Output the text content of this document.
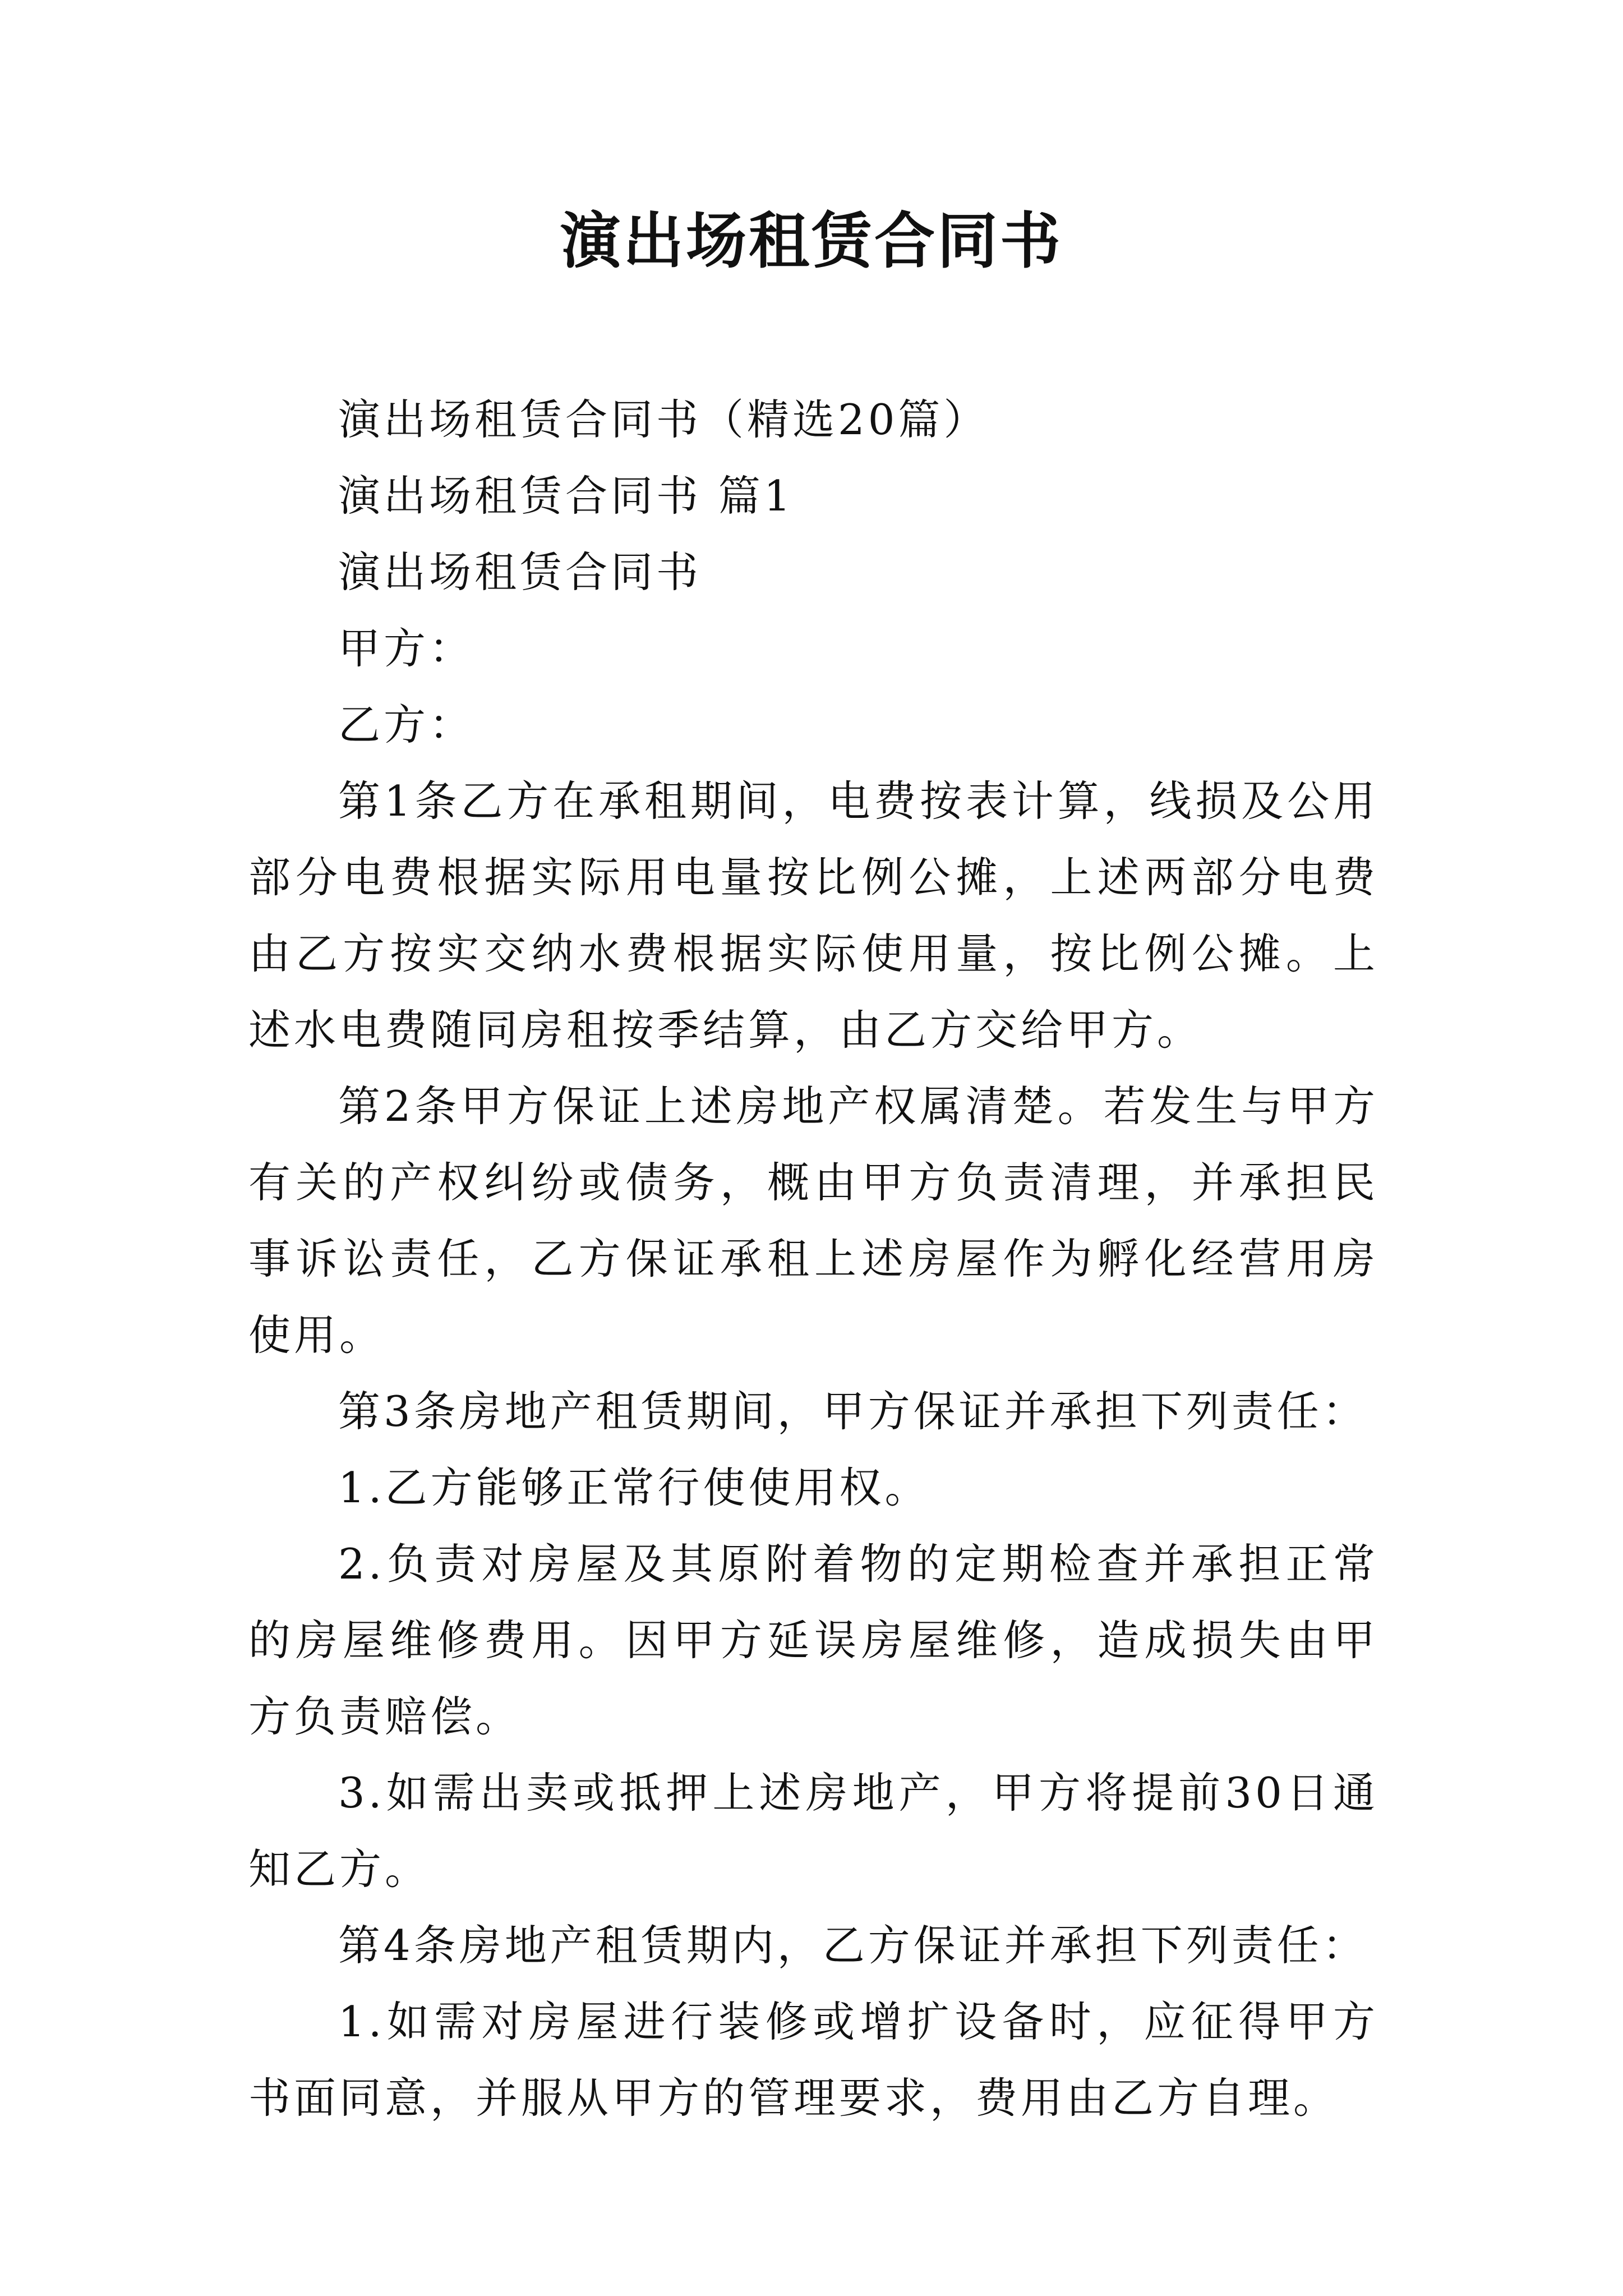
演出场租赁合同书

演出场租赁合同书（精选20篇）

演出场租赁合同书 篇1

演出场租赁合同书

甲方：

乙方：

第1条乙方在承租期间，电费按表计算，线损及公用部分电费根据实际用电量按比例公摊，上述两部分电费由乙方按实交纳水费根据实际使用量，按比例公摊。上述水电费随同房租按季结算，由乙方交给甲方。

第2条甲方保证上述房地产权属清楚。若发生与甲方有关的产权纠纷或债务，概由甲方负责清理，并承担民事诉讼责任，乙方保证承租上述房屋作为孵化经营用房使用。

第3条房地产租赁期间，甲方保证并承担下列责任：

1.乙方能够正常行使使用权。

2.负责对房屋及其原附着物的定期检查并承担正常的房屋维修费用。因甲方延误房屋维修，造成损失由甲方负责赔偿。

3.如需出卖或抵押上述房地产，甲方将提前30日通知乙方。

第4条房地产租赁期内，乙方保证并承担下列责任：

1.如需对房屋进行装修或增扩设备时，应征得甲方书面同意，并服从甲方的管理要求，费用由乙方自理。
